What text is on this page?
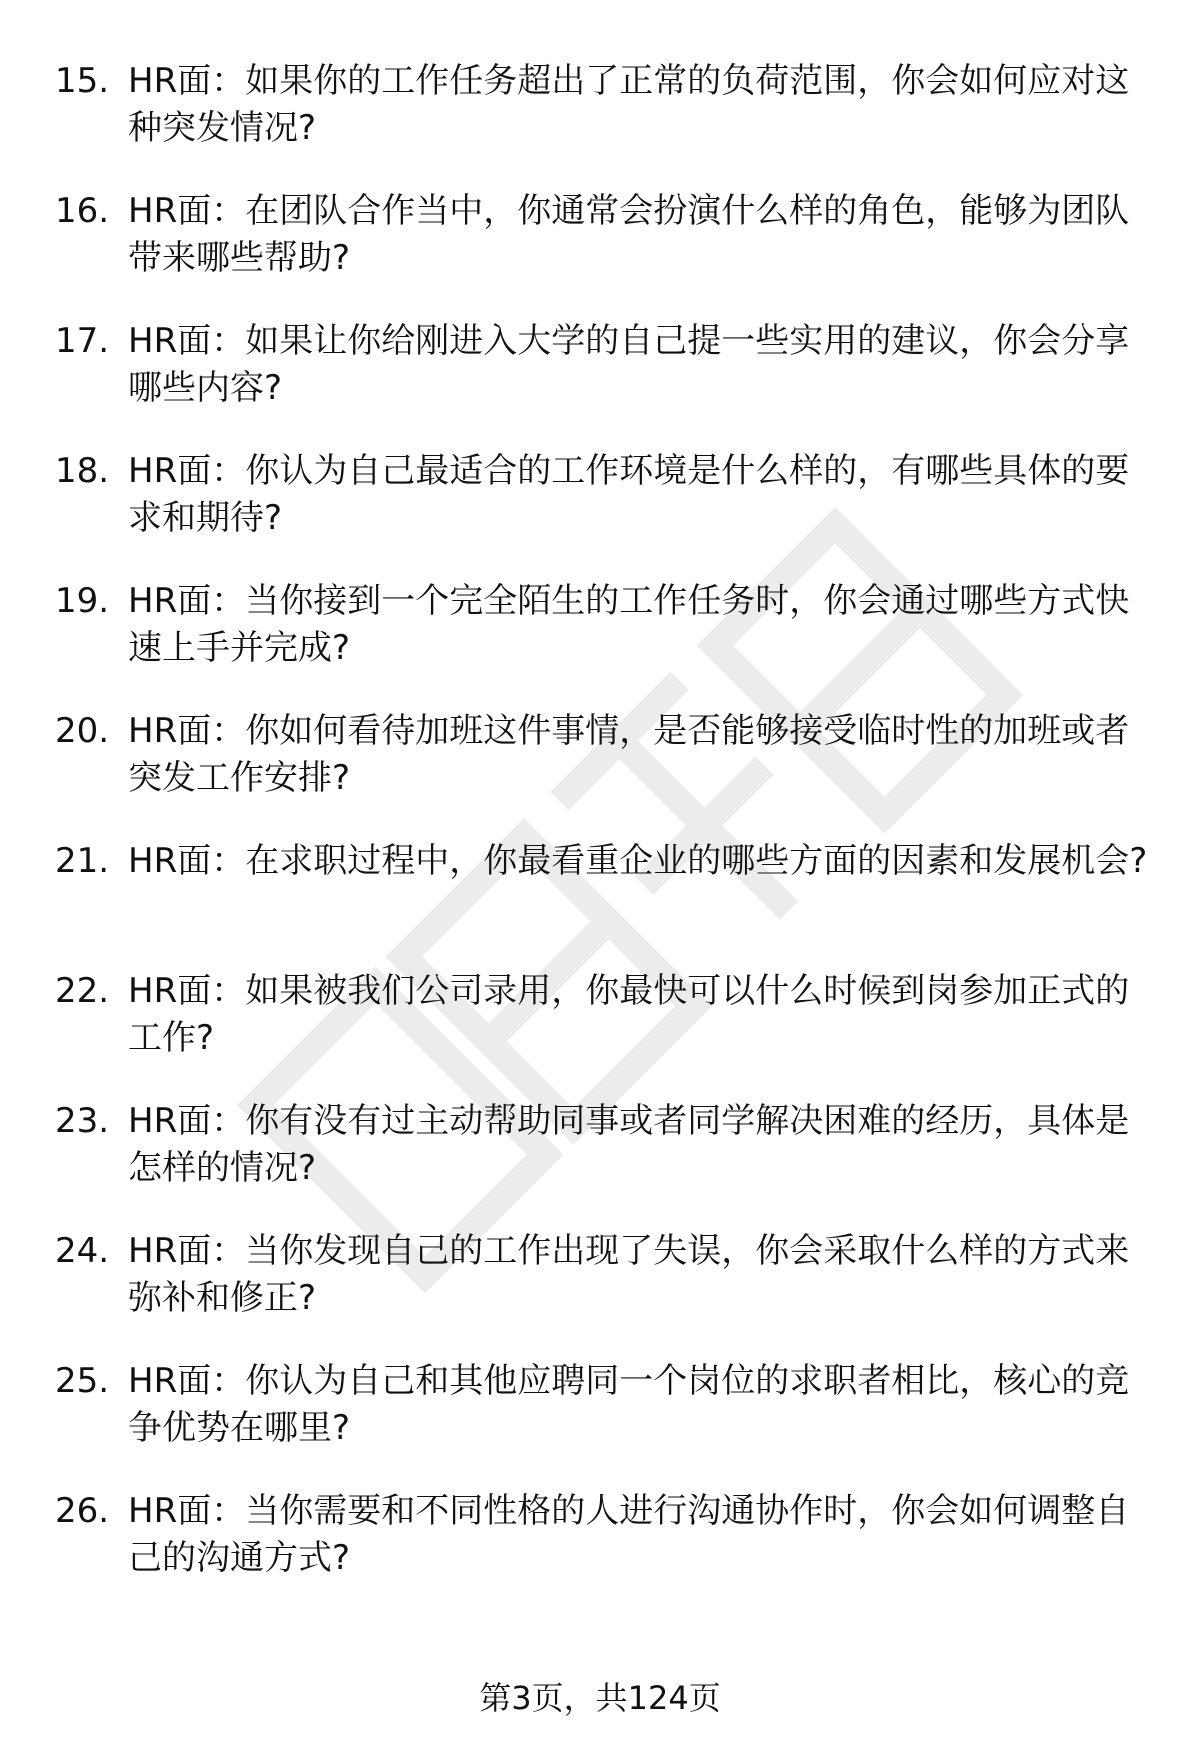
15. HR面：如果你的工作任务超出了正常的负荷范围，你会如何应对这种突发情况?
16. HR面：在团队合作当中，你通常会扮演什么样的角色，能够为团队带来哪些帮助?
17. HR面：如果让你给刚进入大学的自己提一些实用的建议，你会分享哪些内容?
18. HR面：你认为自己最适合的工作环境是什么样的，有哪些具体的要求和期待?
19. HR面：当你接到一个完全陌生的工作任务时，你会通过哪些方式快速上手并完成?
20. HR面：你如何看待加班这件事情，是否能够接受临时性的加班或者突发工作安排?
21. HR面：在求职过程中，你最看重企业的哪些方面的因素和发展机会?
22. HR面：如果被我们公司录用，你最快可以什么时候到岗参加正式的工作?
23. HR面：你有没有过主动帮助同事或者同学解决困难的经历，具体是怎样的情况?
24. HR面：当你发现自己的工作出现了失误，你会采取什么样的方式来弥补和修正?
25. HR面：你认为自己和其他应聘同一个岗位的求职者相比，核心的竞争优势在哪里?
26. HR面：当你需要和不同性格的人进行沟通协作时，你会如何调整自己的沟通方式?
第3页，共124页
